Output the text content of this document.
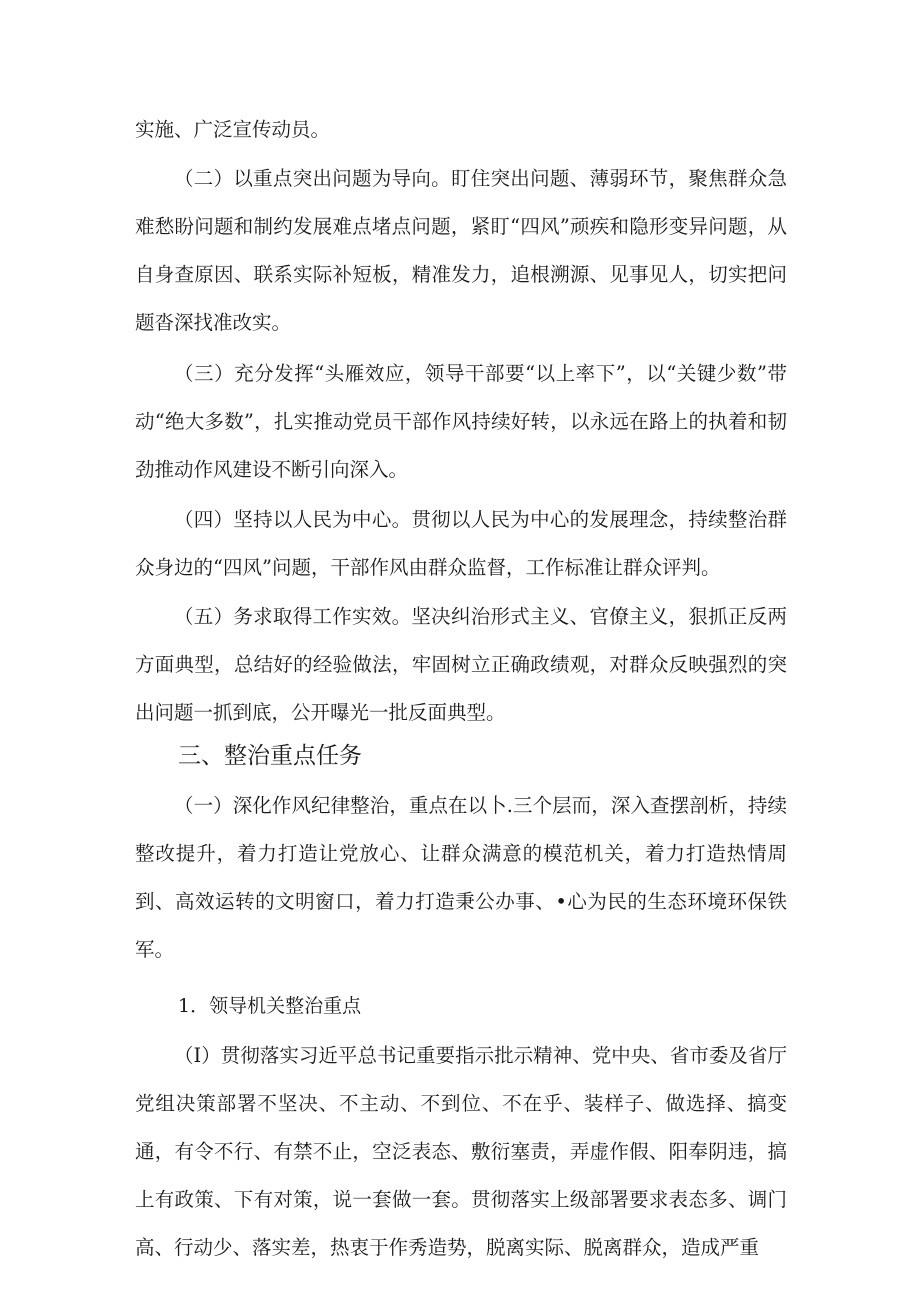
实施、广泛宣传动员。

（二）以重点突出问题为导向。盯住突出问题、薄弱环节，聚焦群众急难愁盼问题和制约发展难点堵点问题，紧盯“四风”顽疾和隐形变异问题，从自身查原因、联系实际补短板，精准发力，追根溯源、见事见人，切实把问题沓深找准改实。

（三）充分发挥“头雁效应，领导干部要“以上率下”，以“关键少数”带动“绝大多数”，扎实推动党员干部作风持续好转，以永远在路上的执着和韧劲推动作风建设不断引向深入。

（四）坚持以人民为中心。贯彻以人民为中心的发展理念，持续整治群众身边的“四风”问题，干部作风由群众监督，工作标准让群众评判。

（五）务求取得工作实效。坚决纠治形式主义、官僚主义，狠抓正反两方面典型，总结好的经验做法，牢固树立正确政绩观，对群众反映强烈的突出问题一抓到底，公开曝光一批反面典型。

三、整治重点任务

（一）深化作风纪律整治，重点在以卜.三个层而，深入查摆剖析，持续整改提升，着力打造让党放心、让群众满意的模范机关，着力打造热情周到、高效运转的文明窗口，着力打造秉公办事、•心为民的生态环境环保铁军。

1．领导机关整治重点

（I）贯彻落实习近平总书记重要指示批示精神、党中央、省市委及省厅党组决策部署不坚决、不主动、不到位、不在乎、装样子、做选择、搞变通，有令不行、有禁不止，空泛表态、敷衍塞责，弄虚作假、阳奉阴违，搞上有政策、下有对策，说一套做一套。贯彻落实上级部署要求表态多、调门高、行动少、落实差，热衷于作秀造势，脱离实际、脱离群众，造成严重
